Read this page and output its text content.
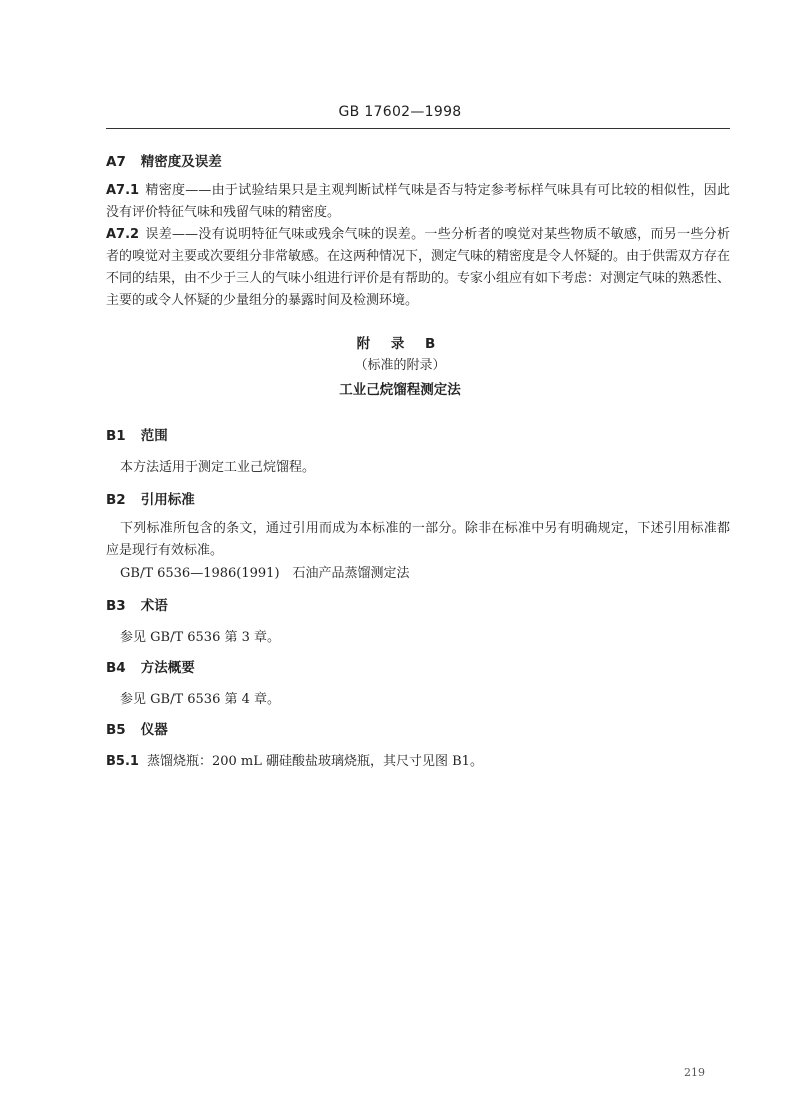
GB 17602—1998
A7 精密度及误差
A7.1 精密度——由于试验结果只是主观判断试样气味是否与特定参考标样气味具有可比较的相似性，因此没有评价特征气味和残留气味的精密度。
A7.2 误差——没有说明特征气味或残余气味的误差。一些分析者的嗅觉对某些物质不敏感，而另一些分析者的嗅觉对主要或次要组分非常敏感。在这两种情况下，测定气味的精密度是令人怀疑的。由于供需双方存在不同的结果，由不少于三人的气味小组进行评价是有帮助的。专家小组应有如下考虑：对测定气味的熟悉性、主要的或令人怀疑的少量组分的暴露时间及检测环境。
附 录 B
（标准的附录）
工业己烷馏程测定法
B1 范围
本方法适用于测定工业己烷馏程。
B2 引用标准
下列标准所包含的条文，通过引用而成为本标准的一部分。除非在标准中另有明确规定，下述引用标准都应是现行有效标准。
GB/T 6536—1986(1991)　石油产品蒸馏测定法
B3 术语
参见 GB/T 6536 第 3 章。
B4 方法概要
参见 GB/T 6536 第 4 章。
B5 仪器
B5.1 蒸馏烧瓶：200 mL 硼硅酸盐玻璃烧瓶，其尺寸见图 B1。
219
